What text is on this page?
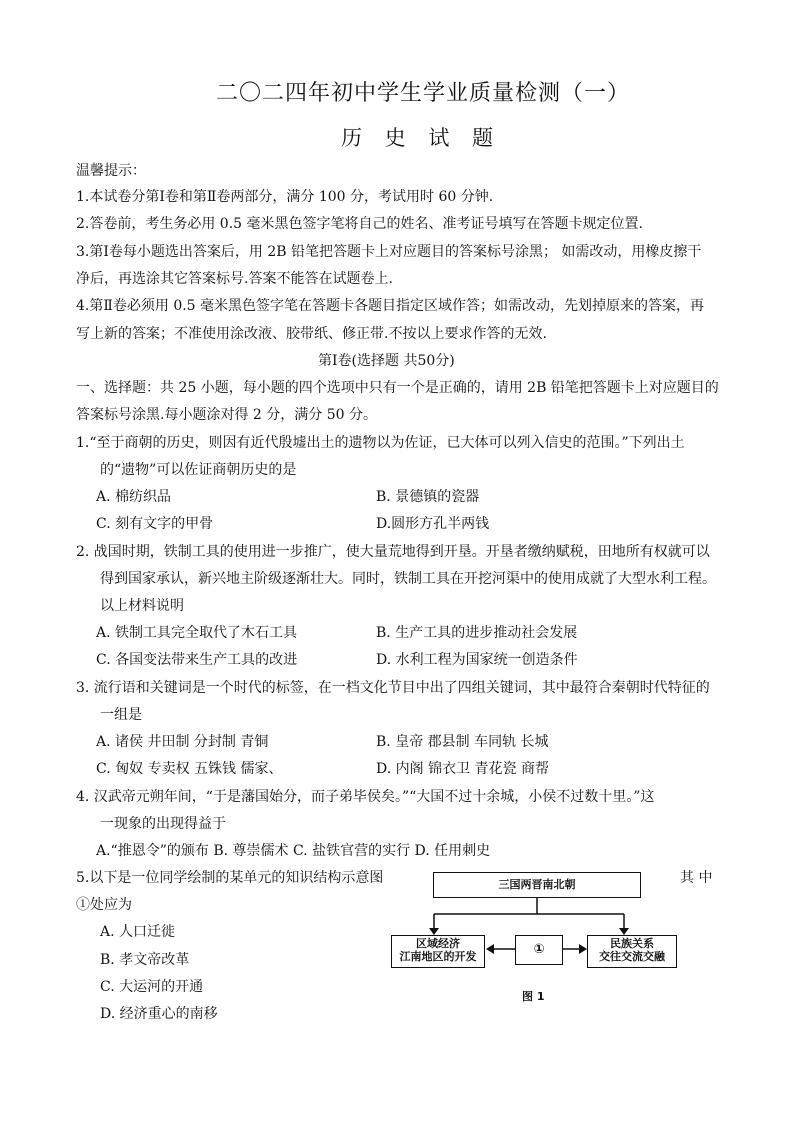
二〇二四年初中学生学业质量检测（一）
历 史 试 题
温馨提示：
1.本试卷分第Ⅰ卷和第Ⅱ卷两部分，满分 100 分，考试用时 60 分钟.
2.答卷前，考生务必用 0.5 毫米黑色签字笔将自己的姓名、准考证号填写在答题卡规定位置.
3.第Ⅰ卷每小题选出答案后，用 2B 铅笔把答题卡上对应题目的答案标号涂黑； 如需改动，用橡皮擦干
净后，再选涂其它答案标号.答案不能答在试题卷上.
4.第Ⅱ卷必须用 0.5 毫米黑色签字笔在答题卡各题目指定区域作答；如需改动，先划掉原来的答案，再
写上新的答案；不准使用涂改液、胶带纸、修正带.不按以上要求作答的无效.
第Ⅰ卷(选择题 共50分)
一、选择题：共 25 小题，每小题的四个选项中只有一个是正确的，请用 2B 铅笔把答题卡上对应题目的
答案标号涂黑.每小题涂对得 2 分，满分 50 分。
1.“至于商朝的历史，则因有近代殷墟出土的遗物以为佐证，已大体可以列入信史的范围。”下列出土
的“遗物”可以佐证商朝历史的是
A. 棉纺织品	B. 景德镇的瓷器
C. 刻有文字的甲骨	D.圆形方孔半两钱
2. 战国时期，铁制工具的使用进一步推广，使大量荒地得到开垦。开垦者缴纳赋税，田地所有权就可以
得到国家承认，新兴地主阶级逐渐壮大。同时，铁制工具在开挖河渠中的使用成就了大型水利工程。
以上材料说明
A. 铁制工具完全取代了木石工具	B. 生产工具的进步推动社会发展
C. 各国变法带来生产工具的改进	D. 水利工程为国家统一创造条件
3. 流行语和关键词是一个时代的标签，在一档文化节目中出了四组关键词，其中最符合秦朝时代特征的
一组是
A. 诸侯 井田制 分封制 青铜	B. 皇帝 郡县制 车同轨 长城
C. 匈奴 专卖权 五铢钱 儒家、	D. 内阁 锦衣卫 青花瓷 商帮
4. 汉武帝元朔年间，“于是藩国始分，而子弟毕侯矣。”“大国不过十余城，小侯不过数十里。”这
一现象的出现得益于
A.“推恩令”的颁布 B. 尊崇儒术 C. 盐铁官营的实行 D. 任用刺史
5.以下是一位同学绘制的某单元的知识结构示意图	其 中
①处应为
A. 人口迁徙
B. 孝文帝改革
C. 大运河的开通
D. 经济重心的南移
三国两晋南北朝
区域经济
江南地区的开发	①	民族关系
交往交流交融
图 1
